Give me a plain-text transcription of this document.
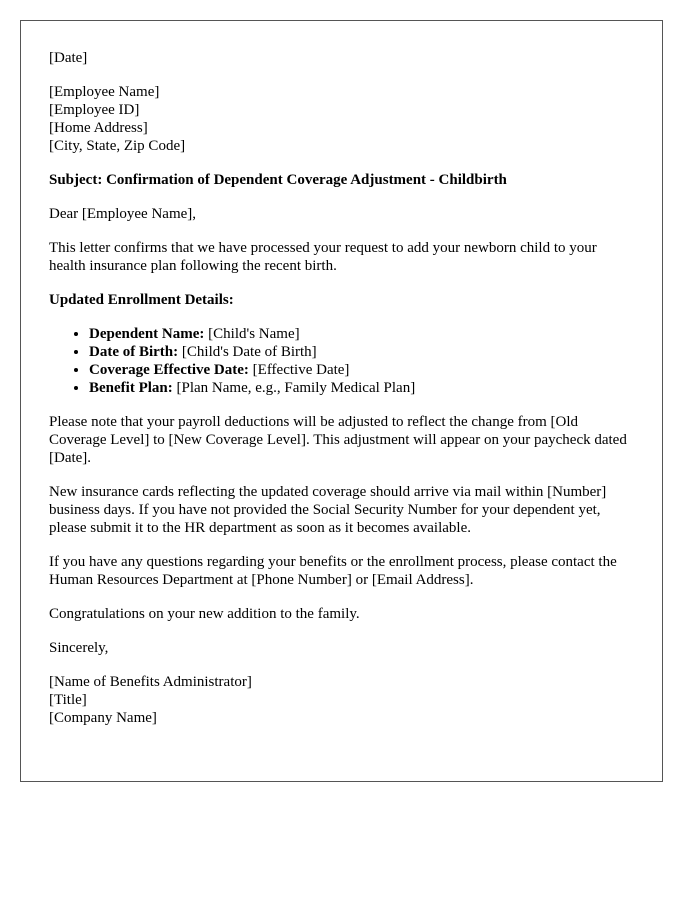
[Date]

[Employee Name]
[Employee ID]
[Home Address]
[City, State, Zip Code]

Subject: Confirmation of Dependent Coverage Adjustment - Childbirth

Dear [Employee Name],

This letter confirms that we have processed your request to add your newborn child to your health insurance plan following the recent birth.

Updated Enrollment Details:

• Dependent Name: [Child's Name]
• Date of Birth: [Child's Date of Birth]
• Coverage Effective Date: [Effective Date]
• Benefit Plan: [Plan Name, e.g., Family Medical Plan]

Please note that your payroll deductions will be adjusted to reflect the change from [Old Coverage Level] to [New Coverage Level]. This adjustment will appear on your paycheck dated [Date].

New insurance cards reflecting the updated coverage should arrive via mail within [Number] business days. If you have not provided the Social Security Number for your dependent yet, please submit it to the HR department as soon as it becomes available.

If you have any questions regarding your benefits or the enrollment process, please contact the Human Resources Department at [Phone Number] or [Email Address].

Congratulations on your new addition to the family.

Sincerely,

[Name of Benefits Administrator]
[Title]
[Company Name]
